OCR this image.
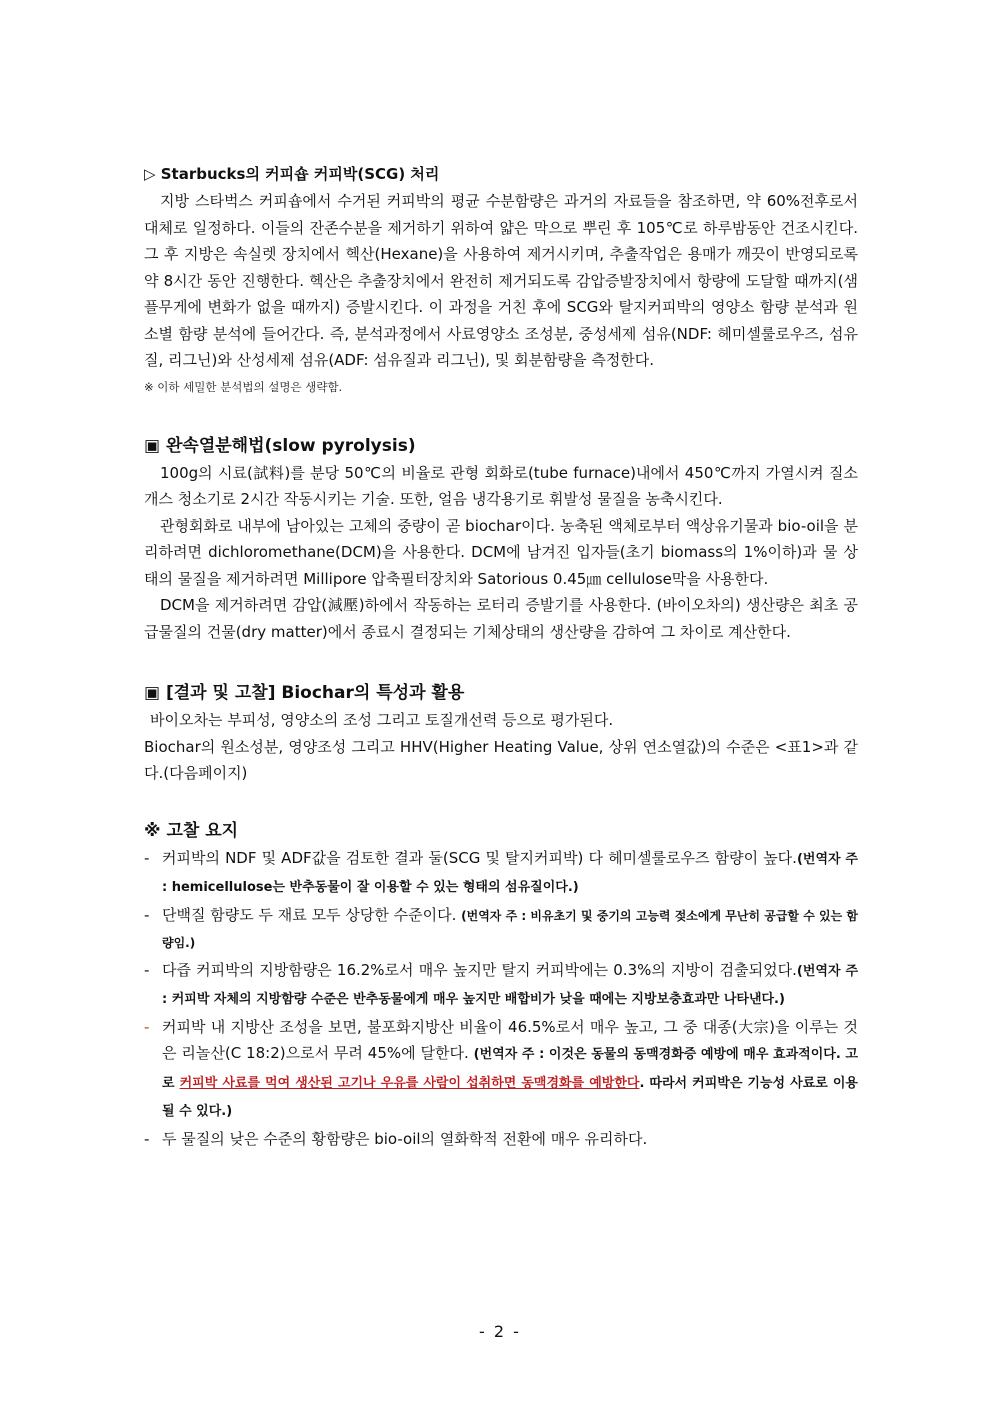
▷ Starbucks의 커피숍 커피박(SCG) 처리

지방 스타벅스 커피숍에서 수거된 커피박의 평균 수분함량은 과거의 자료들을 참조하면, 약 60%전후로서 대체로 일정하다. 이들의 잔존수분을 제거하기 위하여 얇은 막으로 뿌린 후 105℃로 하루밤동안 건조시킨다. 그 후 지방은 속실렛 장치에서 헥산(Hexane)을 사용하여 제거시키며, 추출작업은 용매가 깨끗이 반영되로록 약 8시간 동안 진행한다. 헥산은 추출장치에서 완전히 제거되도록 감압증발장치에서 항량에 도달할 때까지(샘플무게에 변화가 없을 때까지) 증발시킨다. 이 과정을 거친 후에 SCG와 탈지커피박의 영양소 함량 분석과 원소별 함량 분석에 들어간다. 즉, 분석과정에서 사료영양소 조성분, 중성세제 섬유(NDF: 헤미셀룰로우즈, 섬유질, 리그닌)와 산성세제 섬유(ADF: 섬유질과 리그닌), 및 회분함량을 측정한다.

※ 이하 세밀한 분석법의 설명은 생략함.

▣ 완속열분해법(slow pyrolysis)

100g의 시료(試料)를 분당 50℃의 비율로 관형 회화로(tube furnace)내에서 450℃까지 가열시켜 질소개스 청소기로 2시간 작동시키는 기술. 또한, 얼음 냉각용기로 휘발성 물질을 농축시킨다.

관형회화로 내부에 남아있는 고체의 중량이 곧 biochar이다. 농축된 액체로부터 액상유기물과 bio-oil을 분리하려면 dichloromethane(DCM)을 사용한다. DCM에 남겨진 입자들(초기 biomass의 1%이하)과 물 상태의 물질을 제거하려면 Millipore 압축필터장치와 Satorious 0.45㎛ cellulose막을 사용한다.

DCM을 제거하려면 감압(減壓)하에서 작동하는 로터리 증발기를 사용한다. (바이오차의) 생산량은 최초 공급물질의 건물(dry matter)에서 종료시 결정되는 기체상태의 생산량을 감하여 그 차이로 계산한다.

▣ [결과 및 고찰] Biochar의 특성과 활용

바이오차는 부피성, 영양소의 조성 그리고 토질개선력 등으로 평가된다.

Biochar의 원소성분, 영양조성 그리고 HHV(Higher Heating Value, 상위 연소열값)의 수준은 <표1>과 같다.(다음페이지)

※ 고찰 요지
- 커피박의 NDF 및 ADF값을 검토한 결과 둘(SCG 및 탈지커피박) 다 헤미셀룰로우즈 함량이 높다.(번역자 주 : hemicellulose는 반추동물이 잘 이용할 수 있는 형태의 섬유질이다.)
- 단백질 함량도 두 재료 모두 상당한 수준이다. (번역자 주 : 비유초기 및 중기의 고능력 젖소에게 무난히 공급할 수 있는 함량임.)
- 다즙 커피박의 지방함량은 16.2%로서 매우 높지만 탈지 커피박에는 0.3%의 지방이 검출되었다.(번역자 주 : 커피박 자체의 지방함량 수준은 반추동물에게 매우 높지만 배합비가 낮을 때에는 지방보충효과만 나타낸다.)
- 커피박 내 지방산 조성을 보면, 불포화지방산 비율이 46.5%로서 매우 높고, 그 중 대종(大宗)을 이루는 것은 리놀산(C 18:2)으로서 무려 45%에 달한다. (번역자 주 : 이것은 동물의 동맥경화증 예방에 매우 효과적이다. 고로 커피박 사료를 먹여 생산된 고기나 우유를 사람이 섭취하면 동맥경화를 예방한다. 따라서 커피박은 기능성 사료로 이용될 수 있다.)
- 두 물질의 낮은 수준의 황함량은 bio-oil의 열화학적 전환에 매우 유리하다.
- 2 -
